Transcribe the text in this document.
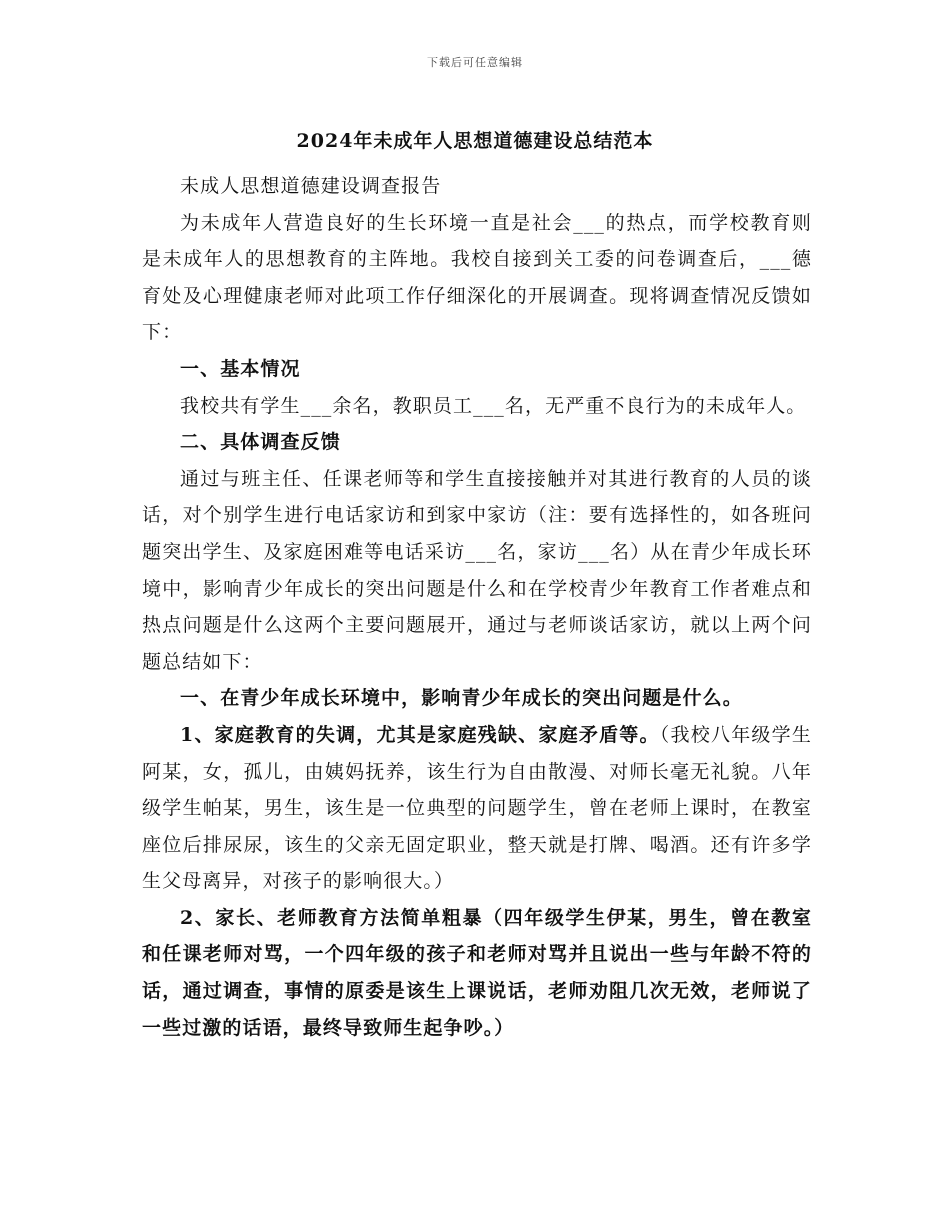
下载后可任意编辑
2024年未成年人思想道德建设总结范本

未成人思想道德建设调查报告

为未成年人营造良好的生长环境一直是社会___的热点，而学校教育则是未成年人的思想教育的主阵地。我校自接到关工委的问卷调查后，___德育处及心理健康老师对此项工作仔细深化的开展调查。现将调查情况反馈如下：

一、基本情况

我校共有学生___余名，教职员工___名，无严重不良行为的未成年人。

二、具体调查反馈

通过与班主任、任课老师等和学生直接接触并对其进行教育的人员的谈话，对个别学生进行电话家访和到家中家访（注：要有选择性的，如各班问题突出学生、及家庭困难等电话采访___名，家访___名）从在青少年成长环境中，影响青少年成长的突出问题是什么和在学校青少年教育工作者难点和热点问题是什么这两个主要问题展开，通过与老师谈话家访，就以上两个问题总结如下：

一、在青少年成长环境中，影响青少年成长的突出问题是什么。

1、家庭教育的失调，尤其是家庭残缺、家庭矛盾等。（我校八年级学生阿某，女，孤儿，由姨妈抚养，该生行为自由散漫、对师长毫无礼貌。八年级学生帕某，男生，该生是一位典型的问题学生，曾在老师上课时，在教室座位后排尿尿，该生的父亲无固定职业，整天就是打牌、喝酒。还有许多学生父母离异，对孩子的影响很大。）

2、家长、老师教育方法简单粗暴（四年级学生伊某，男生，曾在教室和任课老师对骂，一个四年级的孩子和老师对骂并且说出一些与年龄不符的话，通过调查，事情的原委是该生上课说话，老师劝阻几次无效，老师说了一些过激的话语，最终导致师生起争吵。）
